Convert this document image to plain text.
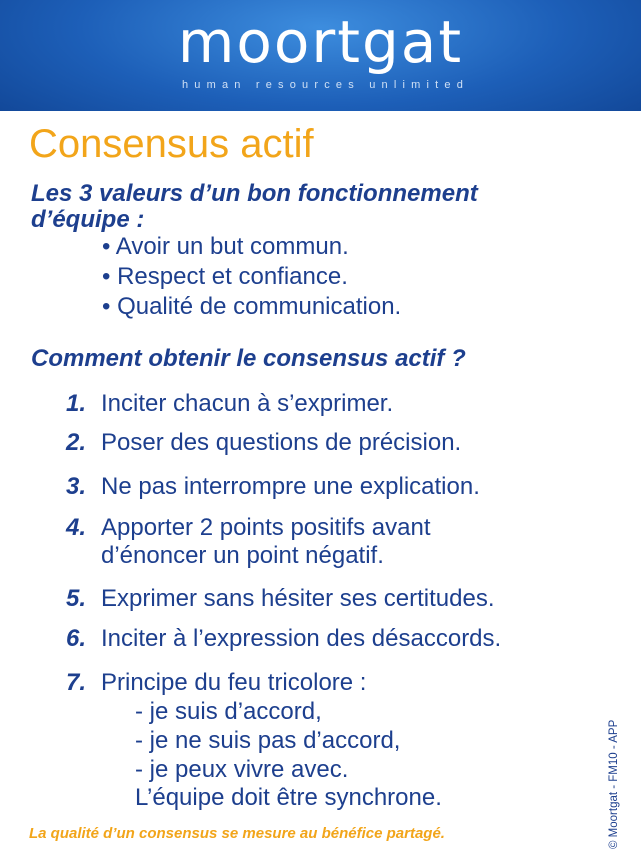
moortgat
human resources unlimited
Consensus actif
Les 3 valeurs d’un bon fonctionnement
d’équipe :
• Avoir un but commun.
• Respect et confiance.
• Qualité de communication.
Comment obtenir le consensus actif ?
1. Inciter chacun à s’exprimer.
2. Poser des questions de précision.
3. Ne pas interrompre une explication.
4. Apporter 2 points positifs avant
d’énoncer un point négatif.
5. Exprimer sans hésiter ses certitudes.
6. Inciter à l’expression des désaccords.
7. Principe du feu tricolore :
- je suis d’accord,
- je ne suis pas d’accord,
- je peux vivre avec.
L’équipe doit être synchrone.
La qualité d’un consensus se mesure au bénéfice partagé.	© Moortgat - FM10 - APP
